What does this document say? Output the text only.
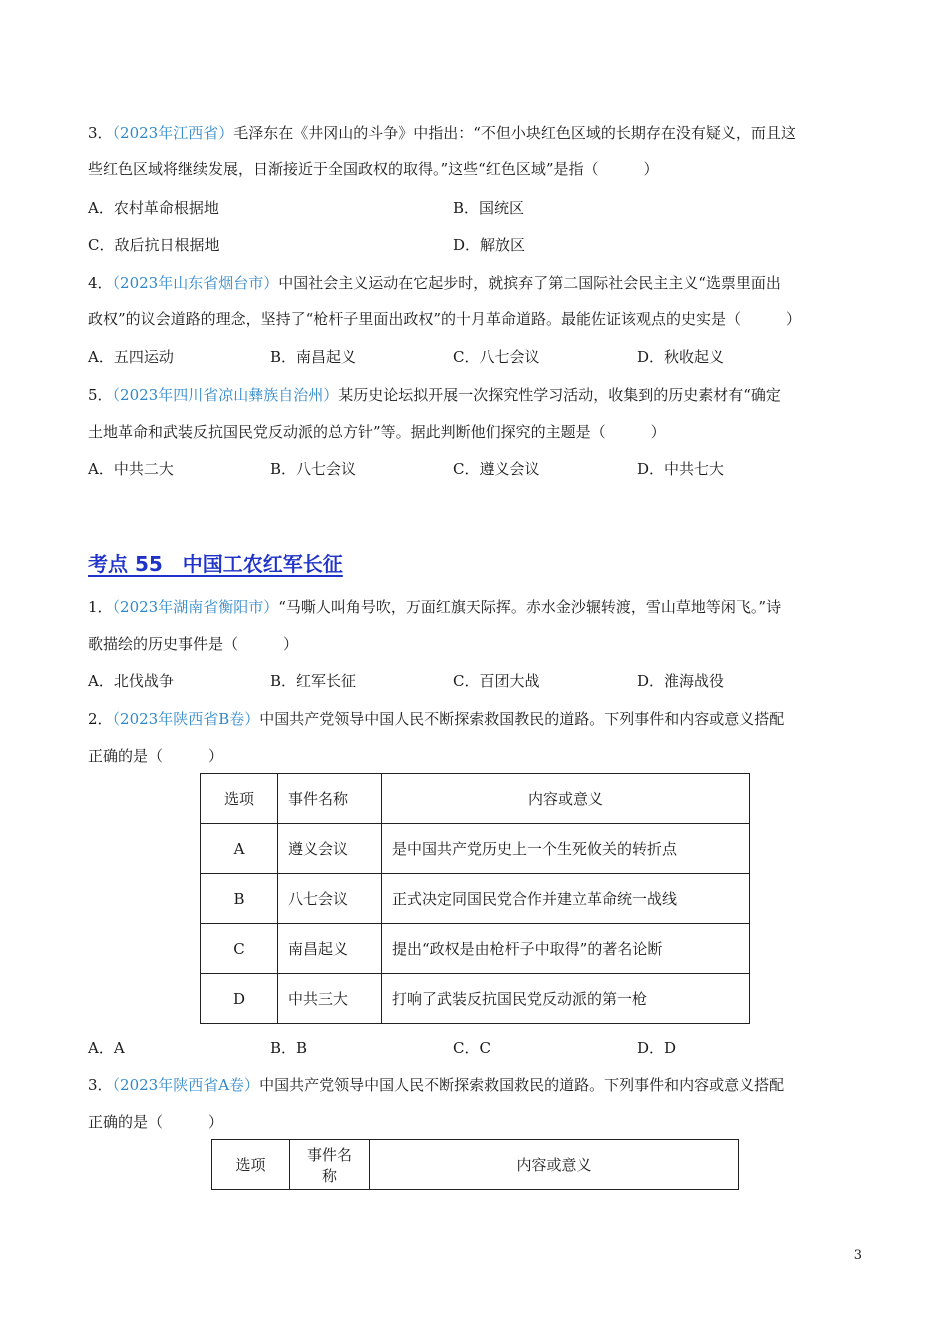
3．（2023年江西省）毛泽东在《井冈山的斗争》中指出：“不但小块红色区域的长期存在没有疑义，而且这
些红色区域将继续发展，日渐接近于全国政权的取得。”这些“红色区域”是指（　　　）
A．农村革命根据地	B．国统区
C．敌后抗日根据地	D．解放区
4．（2023年山东省烟台市）中国社会主义运动在它起步时，就摈弃了第二国际社会民主主义“选票里面出
政权”的议会道路的理念，坚持了“枪杆子里面出政权”的十月革命道路。最能佐证该观点的史实是（　　　）
A．五四运动	B．南昌起义	C．八七会议	D．秋收起义
5．（2023年四川省凉山彝族自治州）某历史论坛拟开展一次探究性学习活动，收集到的历史素材有“确定
土地革命和武装反抗国民党反动派的总方针”等。据此判断他们探究的主题是（　　　）
A．中共二大	B．八七会议	C．遵义会议	D．中共七大
考点 55　中国工农红军长征
1．（2023年湖南省衡阳市）“马嘶人叫角号吹，万面红旗天际挥。赤水金沙辗转渡，雪山草地等闲飞。”诗
歌描绘的历史事件是（　　　）
A．北伐战争	B．红军长征	C．百团大战	D．淮海战役
2．（2023年陕西省B卷）中国共产党领导中国人民不断探索救国教民的道路。下列事件和内容或意义搭配
正确的是（　　　）
选项	事件名称	内容或意义
A	遵义会议	是中国共产党历史上一个生死攸关的转折点
B	八七会议	正式决定同国民党合作并建立革命统一战线
C	南昌起义	提出“政权是由枪杆子中取得”的著名论断
D	中共三大	打响了武装反抗国民党反动派的第一枪
A．A	B．B	C．C	D．D
3．（2023年陕西省A卷）中国共产党领导中国人民不断探索救国救民的道路。下列事件和内容或意义搭配
正确的是（　　　）
选项	事件名称	内容或意义
3
